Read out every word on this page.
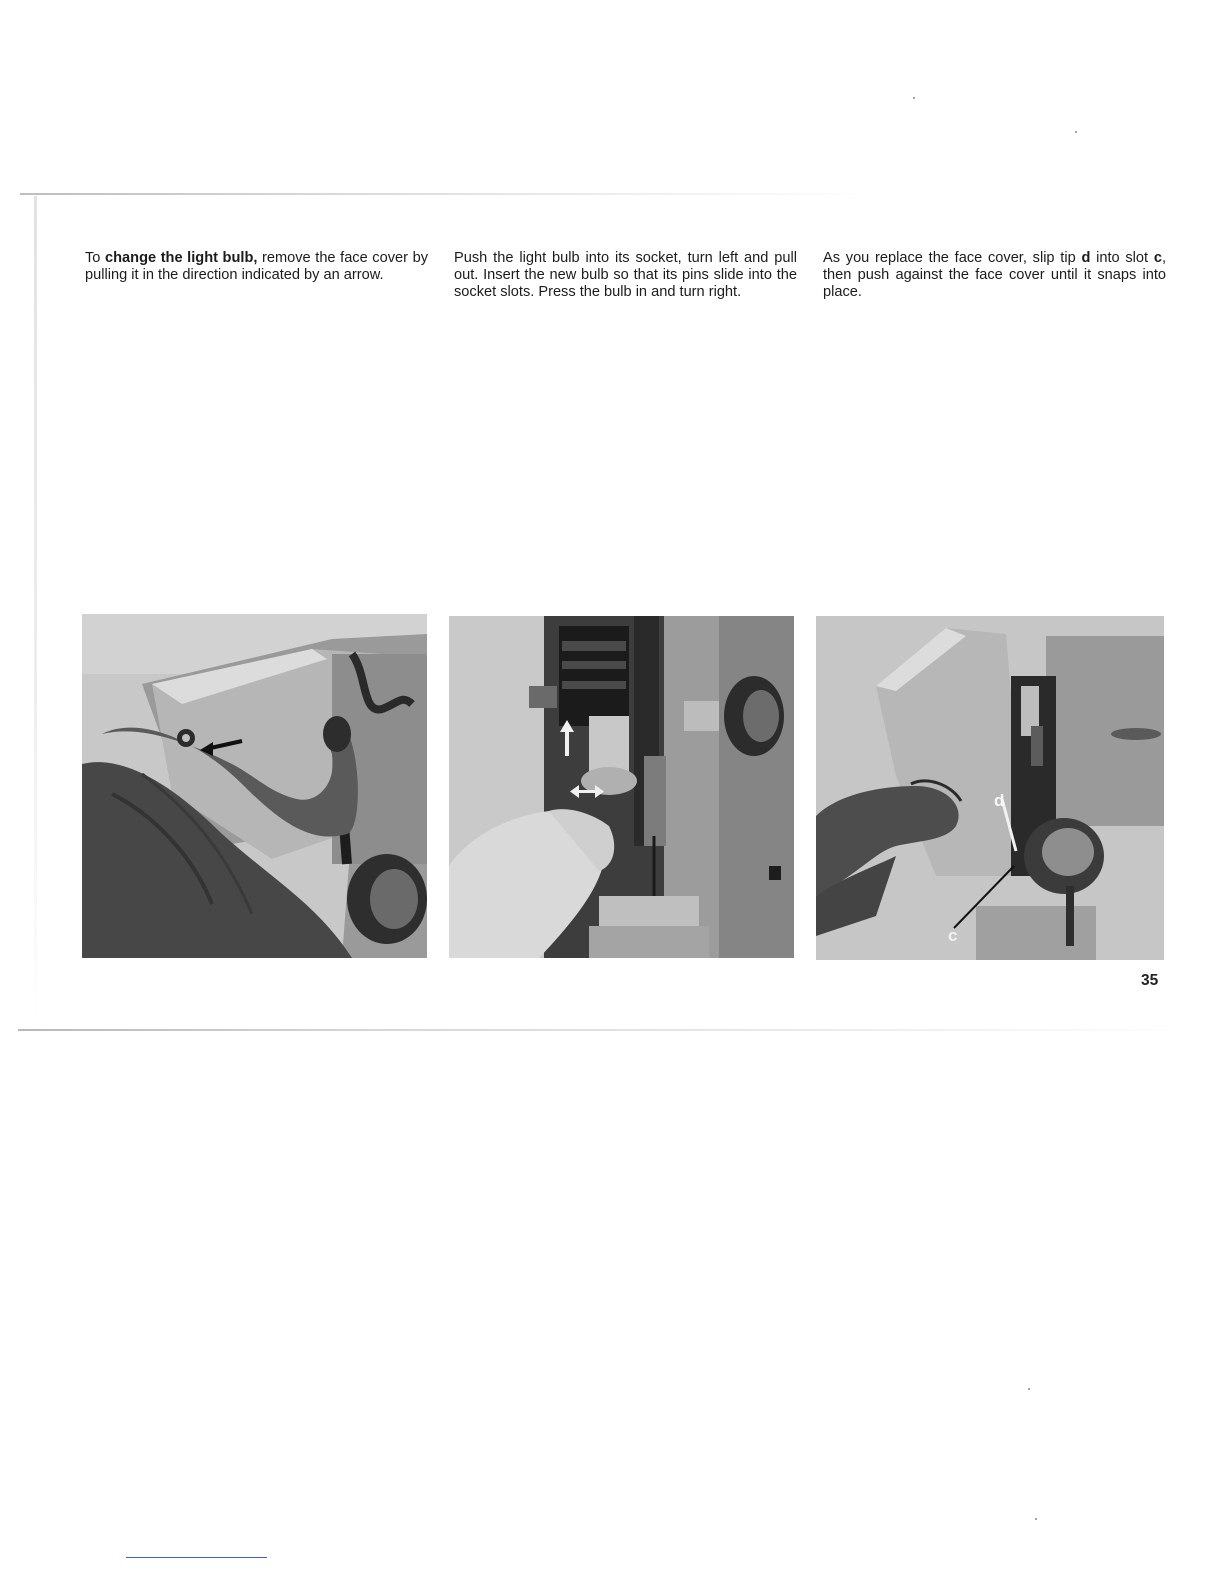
To change the light bulb, remove the face cover by pulling it in the direction indicated by an arrow.

Push the light bulb into its socket, turn left and pull out. Insert the new bulb so that its pins slide into the socket slots. Press the bulb in and turn right.

As you replace the face cover, slip tip d into slot c, then push against the face cover until it snaps into place.

d
c
35
